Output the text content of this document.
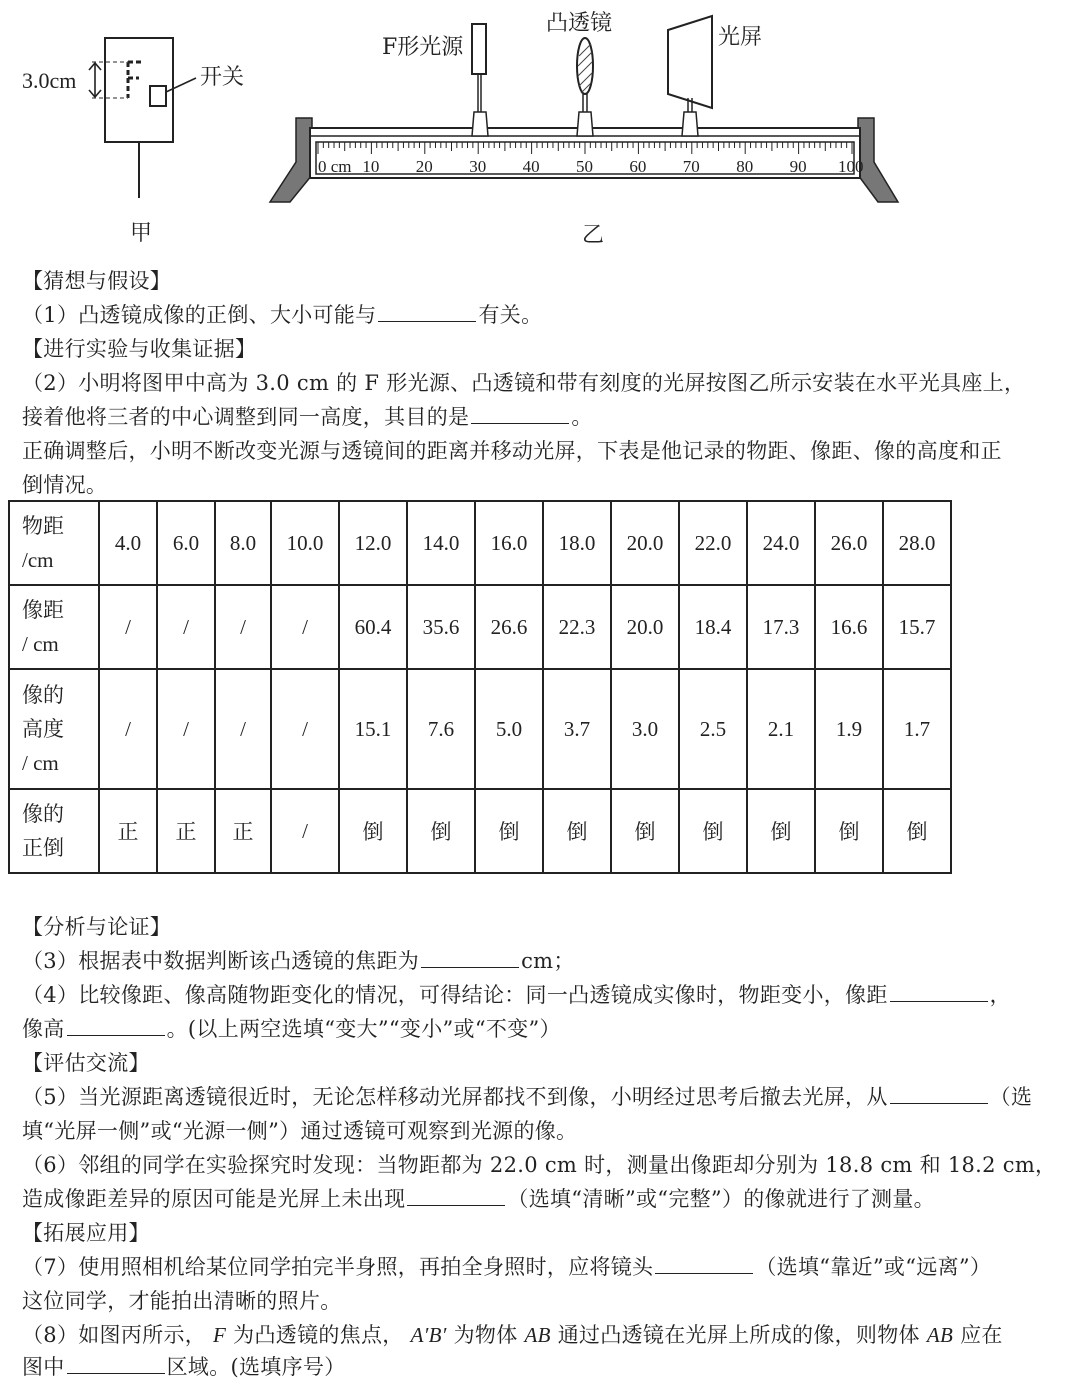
3.0cm	开关
甲
0 cm 10 20 30 40 50 60 70 80 90 100
F形光源
凸透镜
光屏
乙
【猜想与假设】
（1）凸透镜成像的正倒、大小可能与	有关。
【进行实验与收集证据】
（2）小明将图甲中高为 3.0 cm 的 F 形光源、凸透镜和带有刻度的光屏按图乙所示安装在水平光具座上，
接着他将三者的中心调整到同一高度，其目的是	。
正确调整后，小明不断改变光源与透镜间的距离并移动光屏，下表是他记录的物距、像距、像的高度和正
倒情况。
物距
/cm	4.0	6.0	8.0	10.0	12.0	14.0	16.0	18.0	20.0	22.0	24.0	26.0	28.0

像距
/ cm	/	/	/	/	60.4	35.6	26.6	22.3	20.0	18.4	17.3	16.6	15.7

像的
高度
/ cm	/	/	/	/	15.1	7.6	5.0	3.7	3.0	2.5	2.1	1.9	1.7

像的
正倒	正	正	正	/	倒	倒	倒	倒	倒	倒	倒	倒	倒
【分析与论证】
（3）根据表中数据判断该凸透镜的焦距为	cm；
（4）比较像距、像高随物距变化的情况，可得结论：同一凸透镜成实像时，物距变小，像距	，
像高	。(以上两空选填“变大”“变小”或“不变”）
【评估交流】
（5）当光源距离透镜很近时，无论怎样移动光屏都找不到像，小明经过思考后撤去光屏，从	（选
填“光屏一侧”或“光源一侧”）通过透镜可观察到光源的像。
（6）邻组的同学在实验探究时发现：当物距都为 22.0 cm 时，测量出像距却分别为 18.8 cm 和 18.2 cm，
造成像距差异的原因可能是光屏上未出现	（选填“清晰”或“完整”）的像就进行了测量。
【拓展应用】
（7）使用照相机给某位同学拍完半身照，再拍全身照时，应将镜头	（选填“靠近”或“远离”）
这位同学，才能拍出清晰的照片。
（8）如图丙所示， F 为凸透镜的焦点， A′B′ 为物体 AB 通过凸透镜在光屏上所成的像，则物体 AB 应在
图中	区域。(选填序号）
